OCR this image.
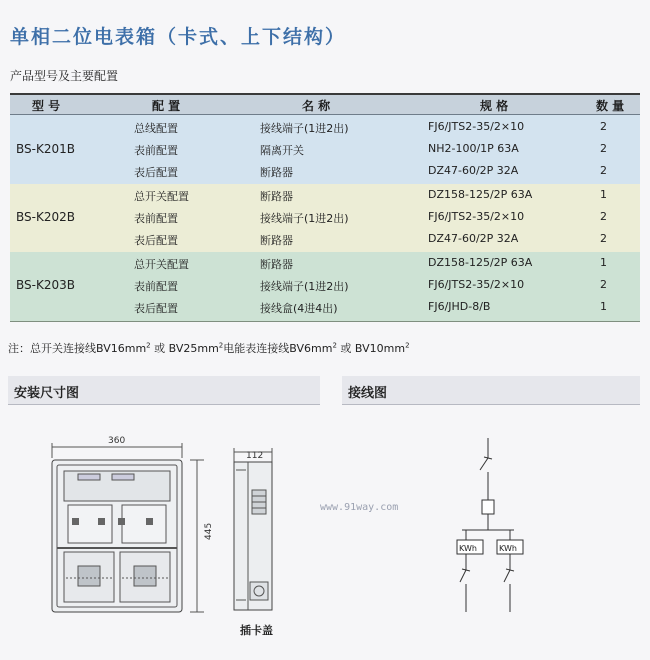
单相二位电表箱（卡式、上下结构）
产品型号及主要配置
型 号	配 置	名 称	规 格	数 量
BS-K201B
总线配置	接线端子(1进2出)	FJ6/JTS2-35/2×10	2
表前配置	隔离开关	NH2-100/1P 63A	2
表后配置	断路器	DZ47-60/2P 32A	2
BS-K202B
总开关配置	断路器	DZ158-125/2P 63A	1
表前配置	接线端子(1进2出)	FJ6/JTS2-35/2×10	2
表后配置	断路器	DZ47-60/2P 32A	2
BS-K203B
总开关配置	断路器	DZ158-125/2P 63A	1
表前配置	接线端子(1进2出)	FJ6/JTS2-35/2×10	2
表后配置	接线盒(4进4出)	FJ6/JHD-8/B	1
注：总开关连接线$BV16mm^2$ 或 $BV25mm^2$电能表连接线$BV6mm^2$ 或 $BV10mm^2$
安装尺寸图	接线图
360
112
445
KWh	KWh
www.91way.com
插卡盖
